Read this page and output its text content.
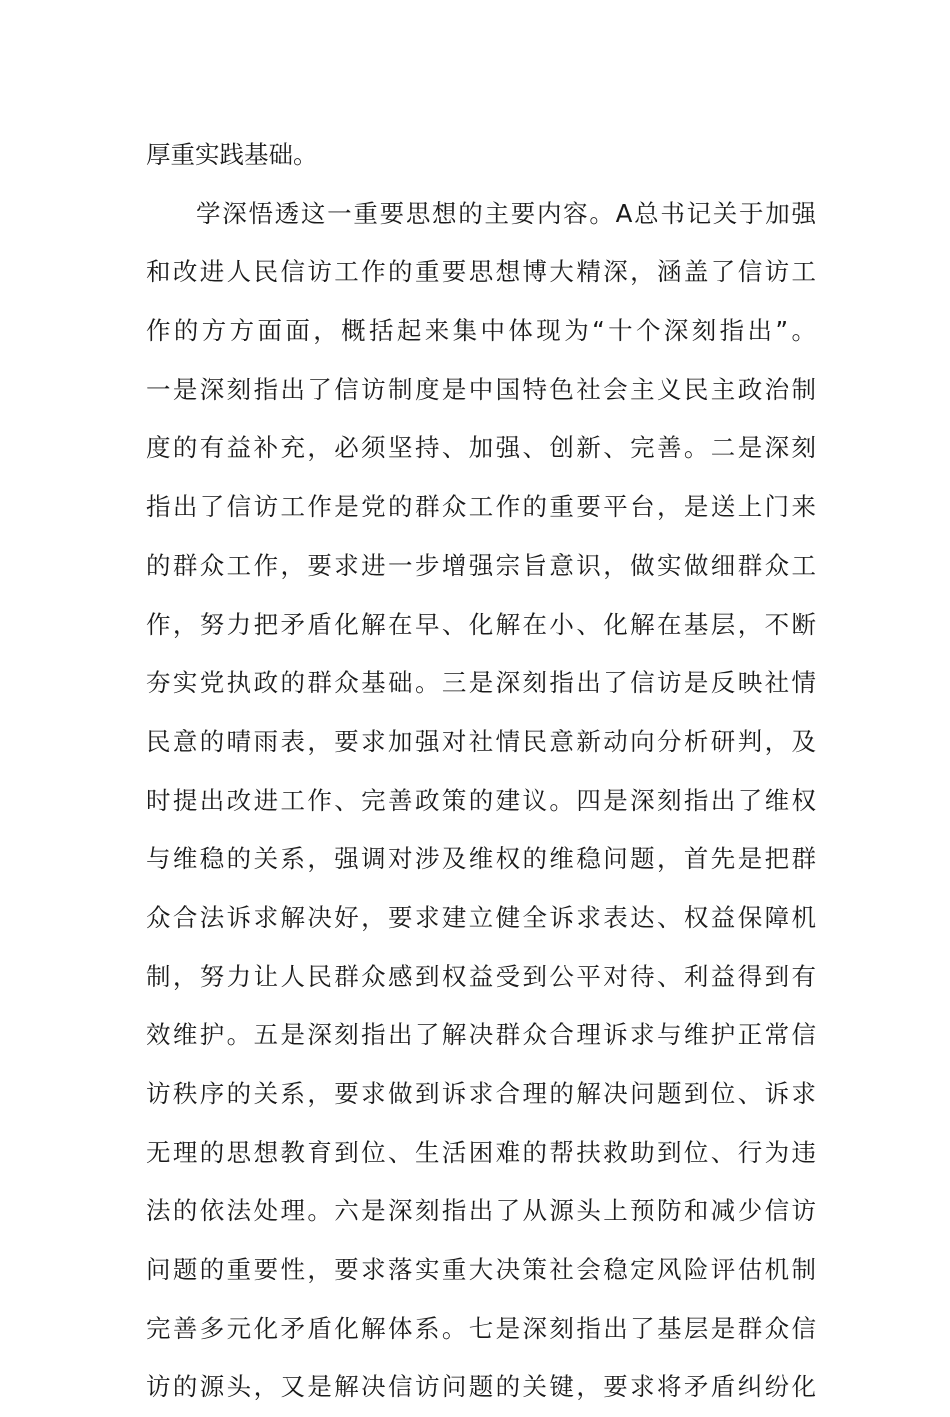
厚重实践基础。
学深悟透这一重要思想的主要内容。A总书记关于加强
和改进人民信访工作的重要思想博大精深，涵盖了信访工
作的方方面面，概括起来集中体现为“十个深刻指出”。
一是深刻指出了信访制度是中国特色社会主义民主政治制
度的有益补充，必须坚持、加强、创新、完善。二是深刻
指出了信访工作是党的群众工作的重要平台，是送上门来
的群众工作，要求进一步增强宗旨意识，做实做细群众工
作，努力把矛盾化解在早、化解在小、化解在基层，不断
夯实党执政的群众基础。三是深刻指出了信访是反映社情
民意的晴雨表，要求加强对社情民意新动向分析研判，及
时提出改进工作、完善政策的建议。四是深刻指出了维权
与维稳的关系，强调对涉及维权的维稳问题，首先是把群
众合法诉求解决好，要求建立健全诉求表达、权益保障机
制，努力让人民群众感到权益受到公平对待、利益得到有
效维护。五是深刻指出了解决群众合理诉求与维护正常信
访秩序的关系，要求做到诉求合理的解决问题到位、诉求
无理的思想教育到位、生活困难的帮扶救助到位、行为违
法的依法处理。六是深刻指出了从源头上预防和减少信访
问题的重要性，要求落实重大决策社会稳定风险评估机制
完善多元化矛盾化解体系。七是深刻指出了基层是群众信
访的源头，又是解决信访问题的关键，要求将矛盾纠纷化
